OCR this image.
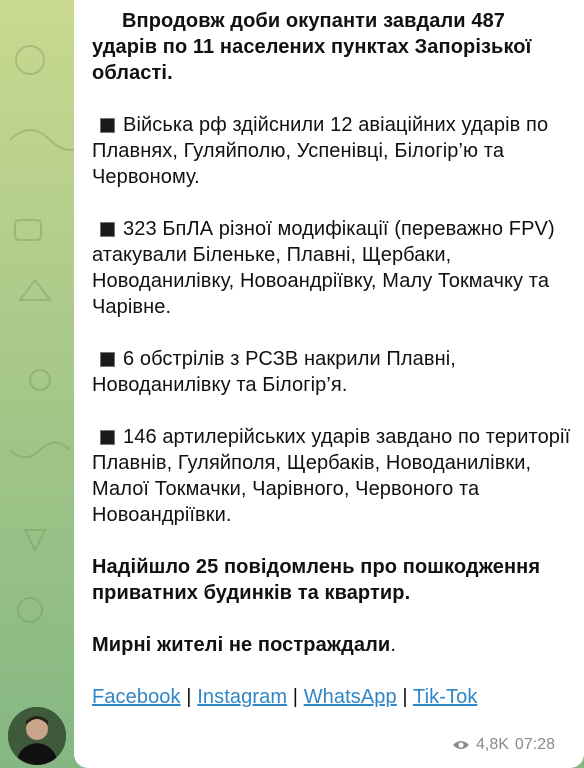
Впродовж доби окупанти завдали 487 ударів по 11 населених пунктах Запорізької області.

Війська рф здійснили 12 авіаційних ударів по Плавнях, Гуляйполю, Успенівці, Білогір’ю та Червоному.

323 БпЛА різної модифікації (переважно FPV) атакували Біленьке, Плавні, Щербаки, Новоданилівку, Новоандріївку, Малу Токмачку та Чарівне.

6 обстрілів з РСЗВ накрили Плавні, Новоданилівку та Білогір’я.

146 артилерійських ударів завдано по території Плавнів, Гуляйполя, Щербаків, Новоданилівки, Малої Токмачки, Чарівного, Червоного та Новоандріївки.

Надійшло 25 повідомлень про пошкодження приватних будинків та квартир.

Мирні жителі не постраждали.

Facebook | Instagram | WhatsApp | Tik-Tok

4,8K 07:28
